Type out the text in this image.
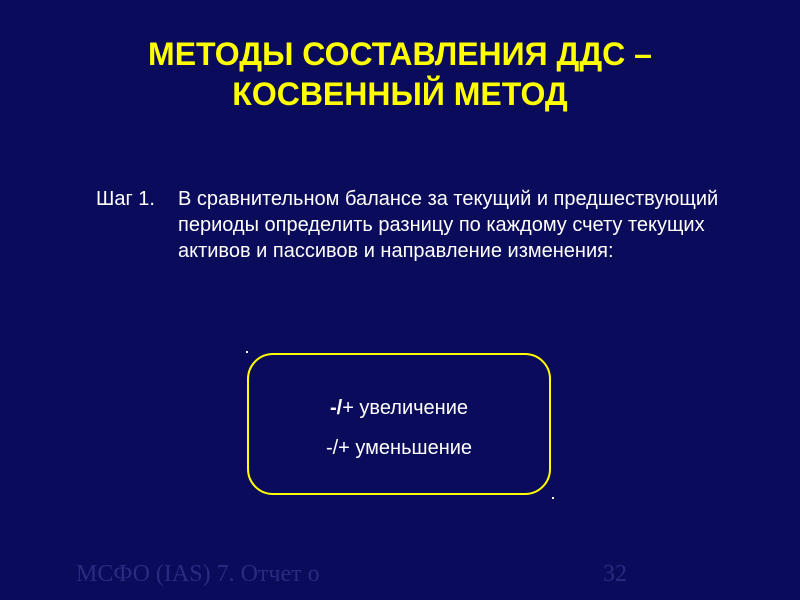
МЕТОДЫ СОСТАВЛЕНИЯ ДДС –
КОСВЕННЫЙ МЕТОД
Шаг 1. В сравнительном балансе за текущий и предшествующий периоды определить разницу по каждому счету текущих активов и пассивов и направление изменения:
-/+ увеличение
-/+ уменьшение
МСФО (IAS) 7. Отчет о	32
